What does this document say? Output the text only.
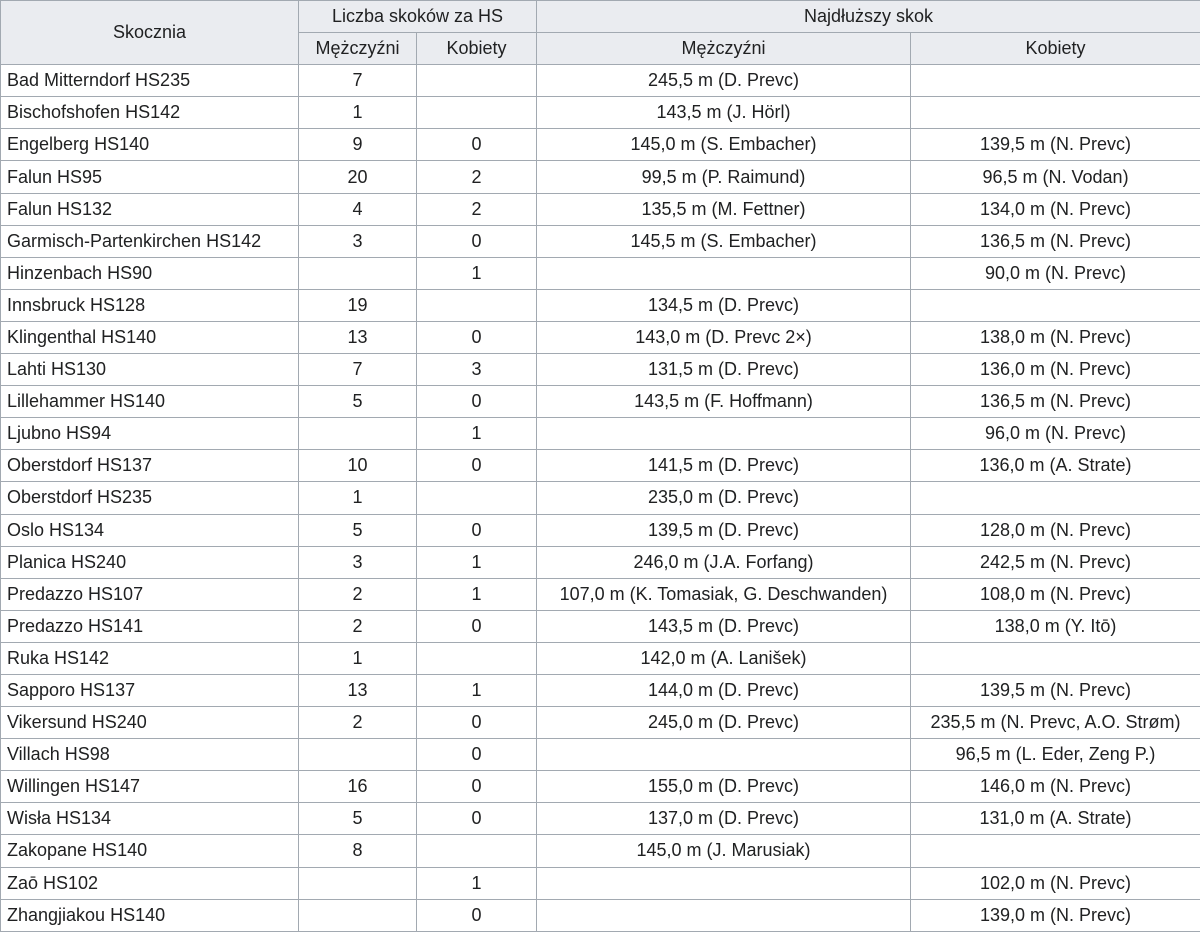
Skocznia	Liczba skoków za HS		Najdłuższy skok	
	Mężczyźni	Kobiety	Mężczyźni	Kobiety
Bad Mitterndorf HS235	7		245,5 m (D. Prevc)	
Bischofshofen HS142	1		143,5 m (J. Hörl)	
Engelberg HS140	9	0	145,0 m (S. Embacher)	139,5 m (N. Prevc)
Falun HS95	20	2	99,5 m (P. Raimund)	96,5 m (N. Vodan)
Falun HS132	4	2	135,5 m (M. Fettner)	134,0 m (N. Prevc)
Garmisch-Partenkirchen HS142	3	0	145,5 m (S. Embacher)	136,5 m (N. Prevc)
Hinzenbach HS90		1		90,0 m (N. Prevc)
Innsbruck HS128	19		134,5 m (D. Prevc)	
Klingenthal HS140	13	0	143,0 m (D. Prevc 2×)	138,0 m (N. Prevc)
Lahti HS130	7	3	131,5 m (D. Prevc)	136,0 m (N. Prevc)
Lillehammer HS140	5	0	143,5 m (F. Hoffmann)	136,5 m (N. Prevc)
Ljubno HS94		1		96,0 m (N. Prevc)
Oberstdorf HS137	10	0	141,5 m (D. Prevc)	136,0 m (A. Strate)
Oberstdorf HS235	1		235,0 m (D. Prevc)	
Oslo HS134	5	0	139,5 m (D. Prevc)	128,0 m (N. Prevc)
Planica HS240	3	1	246,0 m (J.A. Forfang)	242,5 m (N. Prevc)
Predazzo HS107	2	1	107,0 m (K. Tomasiak, G. Deschwanden)	108,0 m (N. Prevc)
Predazzo HS141	2	0	143,5 m (D. Prevc)	138,0 m (Y. Itō)
Ruka HS142	1		142,0 m (A. Lanišek)	
Sapporo HS137	13	1	144,0 m (D. Prevc)	139,5 m (N. Prevc)
Vikersund HS240	2	0	245,0 m (D. Prevc)	235,5 m (N. Prevc, A.O. Strøm)
Villach HS98		0		96,5 m (L. Eder, Zeng P.)
Willingen HS147	16	0	155,0 m (D. Prevc)	146,0 m (N. Prevc)
Wisła HS134	5	0	137,0 m (D. Prevc)	131,0 m (A. Strate)
Zakopane HS140	8		145,0 m (J. Marusiak)	
Zaō HS102		1		102,0 m (N. Prevc)
Zhangjiakou HS140		0		139,0 m (N. Prevc)
